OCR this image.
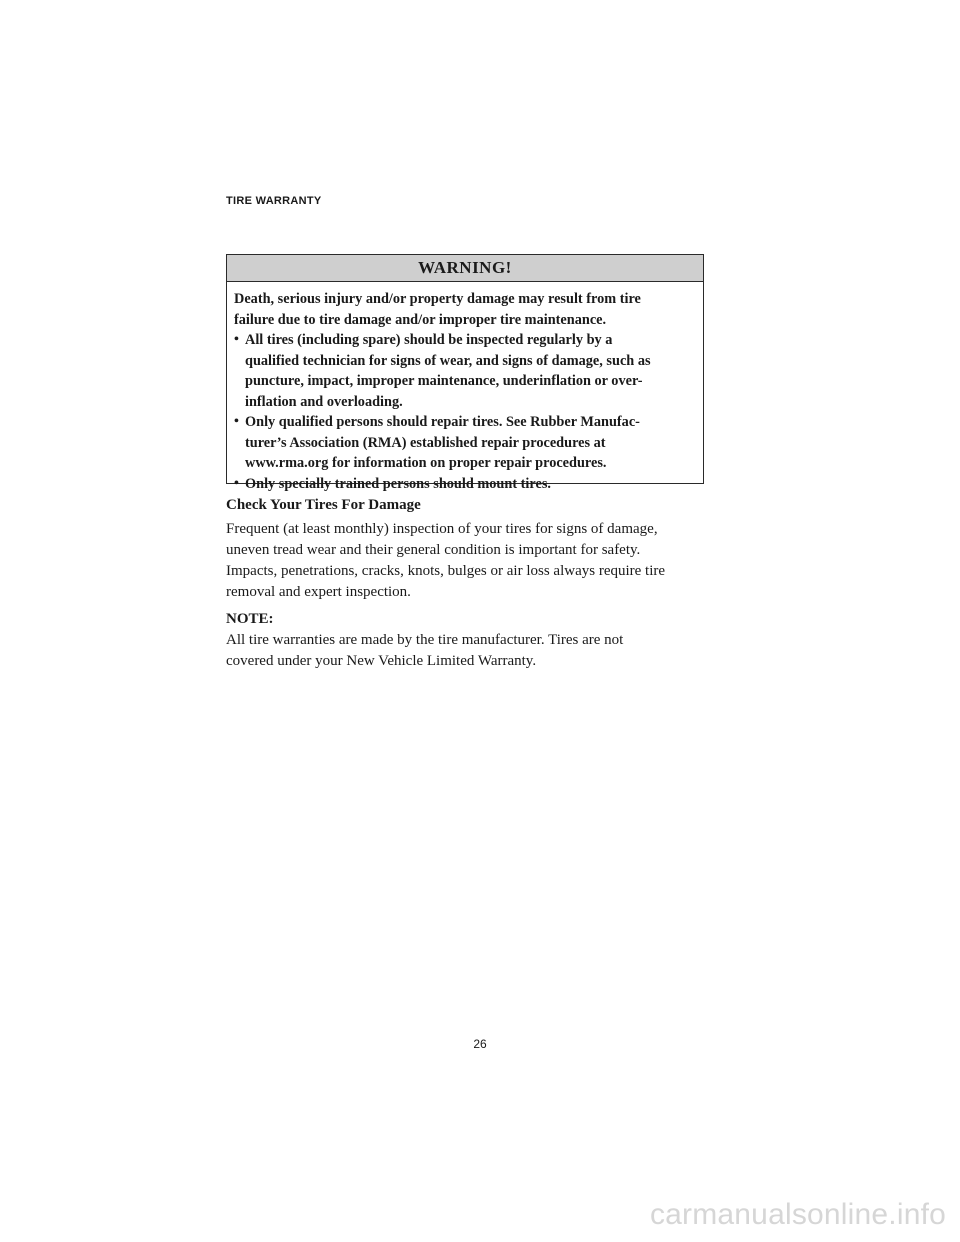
TIRE WARRANTY
WARNING!
Death, serious injury and/or property damage may result from tire
failure due to tire damage and/or improper tire maintenance.
• All tires (including spare) should be inspected regularly by a
qualified technician for signs of wear, and signs of damage, such as
puncture, impact, improper maintenance, underinflation or over-
inflation and overloading.
• Only qualified persons should repair tires. See Rubber Manufac-
turer’s Association (RMA) established repair procedures at
www.rma.org for information on proper repair procedures.
• Only specially trained persons should mount tires.
Check Your Tires For Damage
Frequent (at least monthly) inspection of your tires for signs of damage,
uneven tread wear and their general condition is important for safety.
Impacts, penetrations, cracks, knots, bulges or air loss always require tire
removal and expert inspection.
NOTE:
All tire warranties are made by the tire manufacturer. Tires are not
covered under your New Vehicle Limited Warranty.
26
carmanualsonline.info
